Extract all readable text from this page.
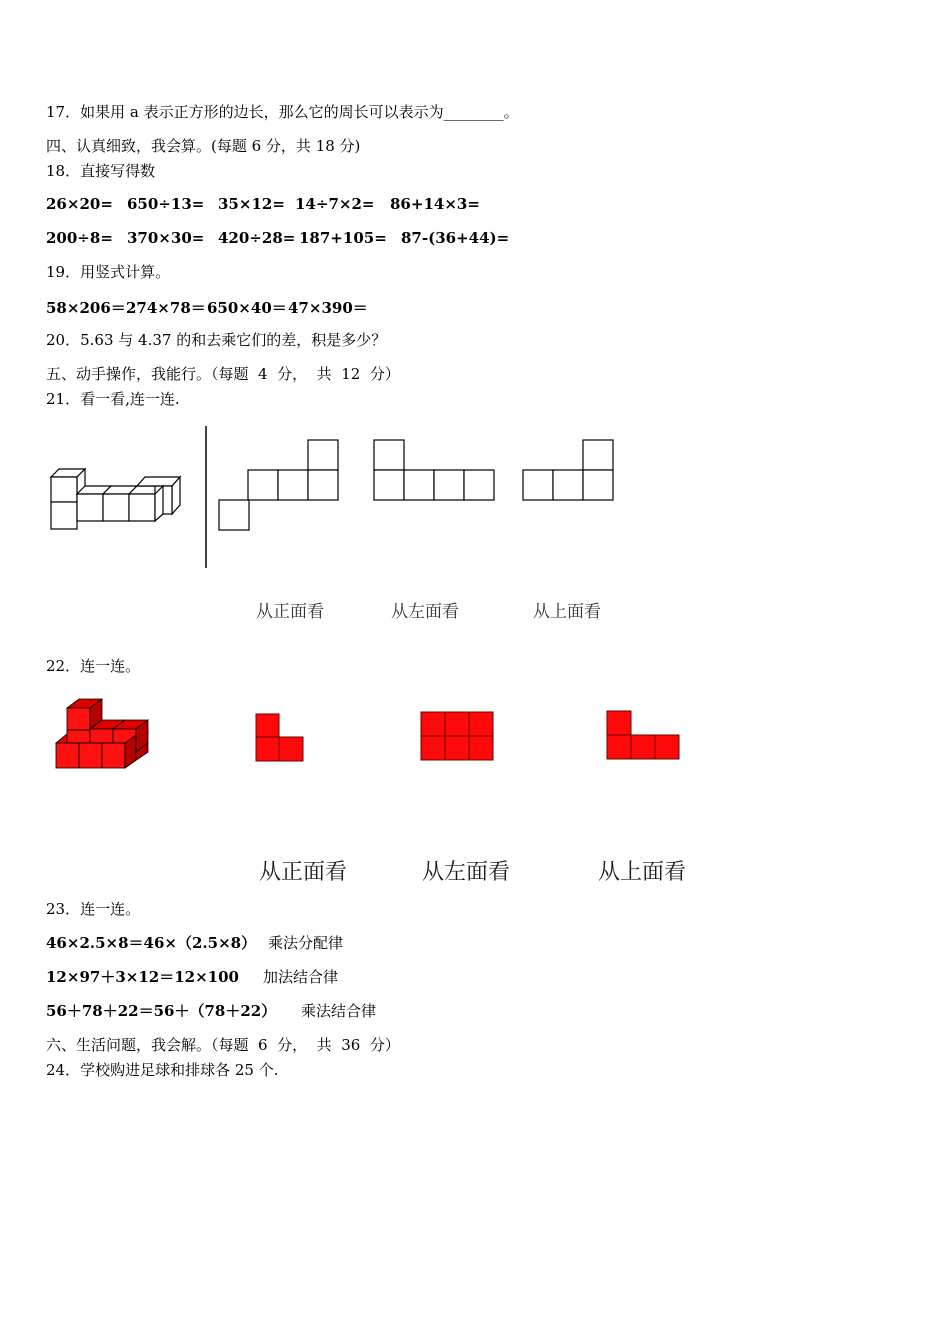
17．如果用 a 表示正方形的边长，那么它的周长可以表示为________。
四、认真细致，我会算。(每题 6 分，共 18 分)
18．直接写得数
26×20= 650÷13= 35×12= 14÷7×2= 86+14×3=
200÷8= 370×30= 420÷28= 187+105= 87-(36+44)=
19．用竖式计算。
58×206＝ 274×78＝ 650×40＝ 47×390＝
20．5.63 与 4.37 的和去乘它们的差，积是多少？
五、动手操作，我能行。（每题  4  分，  共  12  分）
21．看一看,连一连.
从正面看	从左面看	从上面看
22．连一连。
从正面看	从左面看	从上面看
23．连一连。
46×2.5×8＝46×（2.5×8） 乘法分配律
12×97＋3×12＝12×100 加法结合律
56＋78＋22＝56＋（78＋22） 乘法结合律
六、生活问题，我会解。（每题  6  分，  共  36  分）
24．学校购进足球和排球各 25 个.
